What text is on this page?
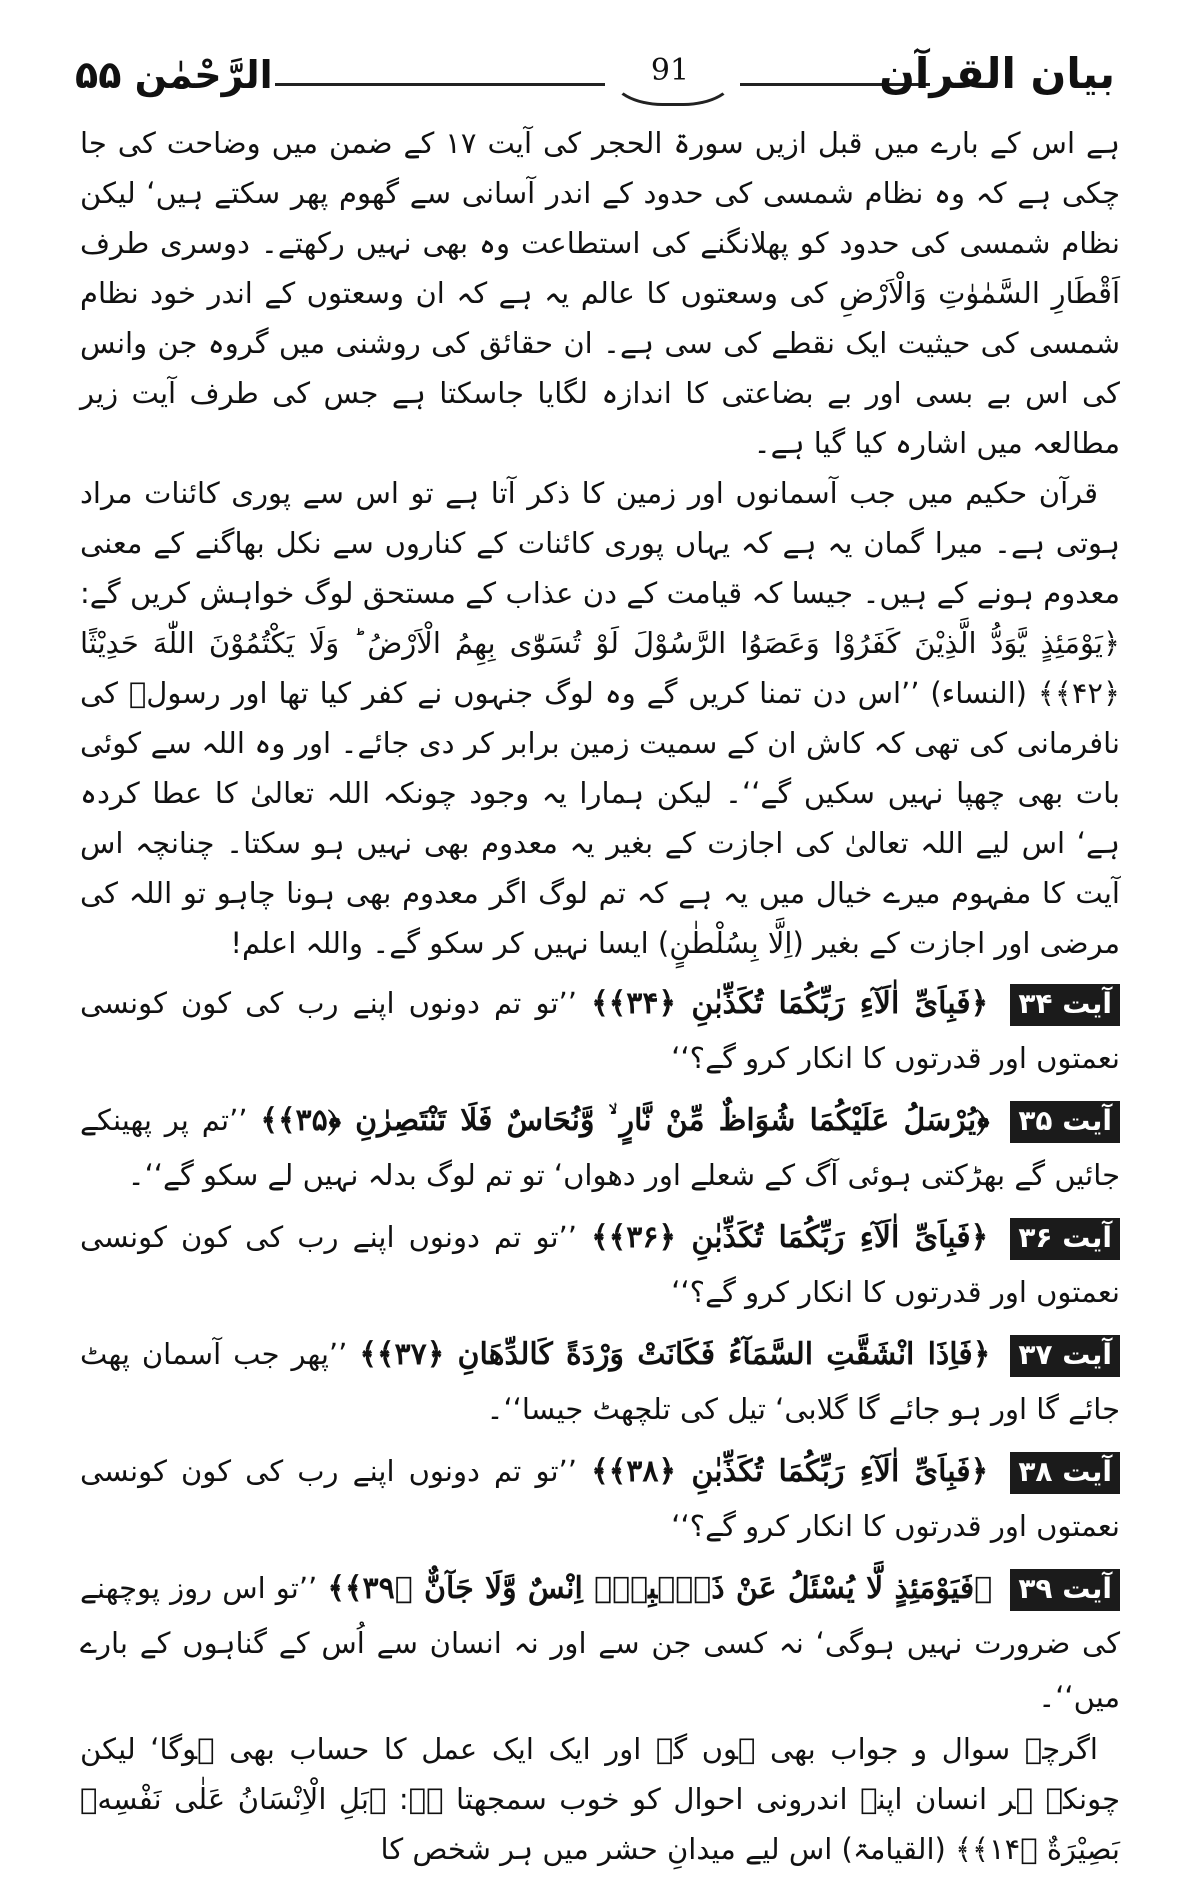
الرَّحْمٰن ۵۵	91	بیان القرآن

ہے اس کے بارے میں قبل ازیں سورۃ الحجر کی آیت ۱۷ کے ضمن میں وضاحت کی جا چکی ہے کہ وہ نظام شمسی کی حدود کے اندر آسانی سے گھوم پھر سکتے ہیں‘ لیکن نظام شمسی کی حدود کو پھلانگنے کی استطاعت وہ بھی نہیں رکھتے۔ دوسری طرف اَقْطَارِ السَّمٰوٰتِ وَالْاَرْضِ کی وسعتوں کا عالم یہ ہے کہ ان وسعتوں کے اندر خود نظام شمسی کی حیثیت ایک نقطے کی سی ہے۔ ان حقائق کی روشنی میں گروہ جن وانس کی اس بے بسی اور بے بضاعتی کا اندازہ لگایا جاسکتا ہے جس کی طرف آیت زیر مطالعہ میں اشارہ کیا گیا ہے۔

قرآن حکیم میں جب آسمانوں اور زمین کا ذکر آتا ہے تو اس سے پوری کائنات مراد ہوتی ہے۔ میرا گمان یہ ہے کہ یہاں پوری کائنات کے کناروں سے نکل بھاگنے کے معنی معدوم ہونے کے ہیں۔ جیسا کہ قیامت کے دن عذاب کے مستحق لوگ خواہش کریں گے: ﴿یَوْمَئِذٍ یَّوَدُّ الَّذِیْنَ کَفَرُوْا وَعَصَوُا الرَّسُوْلَ لَوْ تُسَوّٰی بِهِمُ الْاَرْضُ ؕ وَلَا یَکْتُمُوْنَ اللّٰهَ حَدِیْثًا ﴿۴۲﴾﴾ (النساء) ’’اس دن تمنا کریں گے وہ لوگ جنہوں نے کفر کیا تھا اور رسولؐ کی نافرمانی کی تھی کہ کاش ان کے سمیت زمین برابر کر دی جائے۔ اور وہ اللہ سے کوئی بات بھی چھپا نہیں سکیں گے‘‘۔ لیکن ہمارا یہ وجود چونکہ اللہ تعالیٰ کا عطا کردہ ہے‘ اس لیے اللہ تعالیٰ کی اجازت کے بغیر یہ معدوم بھی نہیں ہو سکتا۔ چنانچہ اس آیت کا مفہوم میرے خیال میں یہ ہے کہ تم لوگ اگر معدوم بھی ہونا چاہو تو اللہ کی مرضی اور اجازت کے بغیر (اِلَّا بِسُلْطٰنٍ) ایسا نہیں کر سکو گے۔ واللہ اعلم!

آیت ۳۴ ﴿فَبِاَیِّ اٰلَآءِ رَبِّکُمَا تُکَذِّبٰنِ ﴿۳۴﴾﴾ ’’تو تم دونوں اپنے رب کی کون کونسی نعمتوں اور قدرتوں کا انکار کرو گے؟‘‘

آیت ۳۵ ﴿یُرْسَلُ عَلَیْکُمَا شُوَاظٌ مِّنْ نَّارٍ ۙ وَّنُحَاسٌ فَلَا تَنْتَصِرٰنِ ﴿۳۵﴾﴾ ’’تم پر پھینکے جائیں گے بھڑکتی ہوئی آگ کے شعلے اور دھواں‘ تو تم لوگ بدلہ نہیں لے سکو گے‘‘۔

آیت ۳۶ ﴿فَبِاَیِّ اٰلَآءِ رَبِّکُمَا تُکَذِّبٰنِ ﴿۳۶﴾﴾ ’’تو تم دونوں اپنے رب کی کون کونسی نعمتوں اور قدرتوں کا انکار کرو گے؟‘‘

آیت ۳۷ ﴿فَاِذَا انْشَقَّتِ السَّمَآءُ فَکَانَتْ وَرْدَةً کَالدِّهَانِ ﴿۳۷﴾﴾ ’’پھر جب آسمان پھٹ جائے گا اور ہو جائے گا گلابی‘ تیل کی تلچھٹ جیسا‘‘۔

آیت ۳۸ ﴿فَبِاَیِّ اٰلَآءِ رَبِّکُمَا تُکَذِّبٰنِ ﴿۳۸﴾﴾ ’’تو تم دونوں اپنے رب کی کون کونسی نعمتوں اور قدرتوں کا انکار کرو گے؟‘‘

آیت ۳۹ ﴿فَیَوْمَئِذٍ لَّا یُسْئَلُ عَنْ ذَنْۢبِهٖۤ اِنْسٌ وَّلَا جَآنٌّ ﴿۳۹﴾﴾ ’’تو اس روز پوچھنے کی ضرورت نہیں ہوگی‘ نہ کسی جن سے اور نہ انسان سے اُس کے گناہوں کے بارے میں‘‘۔

اگرچہ سوال و جواب بھی ہوں گے اور ایک ایک عمل کا حساب بھی ہوگا‘ لیکن چونکہ ہر انسان اپنے اندرونی احوال کو خوب سمجھتا ہے: ﴿بَلِ الْاِنْسَانُ عَلٰی نَفْسِهٖ بَصِیْرَةٌ ﴿۱۴﴾﴾ (القیامۃ) اس لیے میدانِ حشر میں ہر شخص کا
